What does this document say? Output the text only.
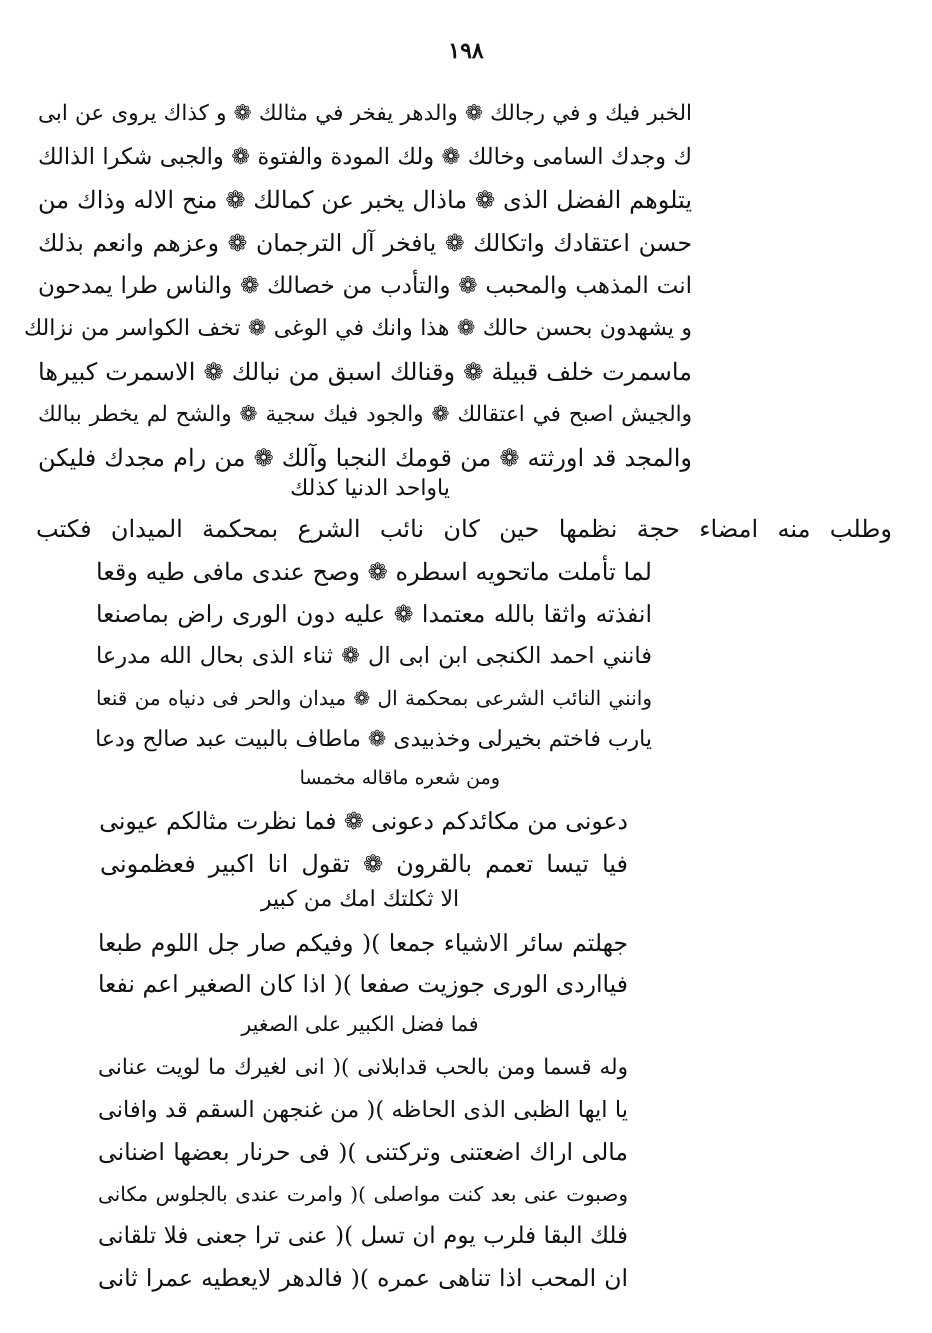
١٩٨
الخبر فيك و في رجالك ❁ والدهر يفخر في مثالك ❁ و كذاك يروى عن ابى
ك وجدك السامى وخالك ❁ ولك المودة والفتوة ❁ والجبى شكرا الذالك
يتلوهم الفضل الذى ❁ ماذال يخبر عن كمالك ❁ منح الاله وذاك من
حسن اعتقادك واتكالك ❁ يافخر آل الترجمان ❁ وعزهم وانعم بذلك
انت المذهب والمحبب ❁ والتأدب من خصالك ❁ والناس طرا يمدحون
و يشهدون بحسن حالك ❁ هذا وانك في الوغى ❁ تخف الكواسر من نزالك
ماسمرت خلف قبيلة ❁ وقنالك اسبق من نبالك ❁ الاسمرت كبيرها
والجيش اصبح في اعتقالك ❁ والجود فيك سجية ❁ والشح لم يخطر ببالك
والمجد قد اورثته ❁ من قومك النجبا وآلك ❁ من رام مجدك فليكن
ياواحد الدنيا كذلك
وطلب منه امضاء حجة نظمها حين كان نائب الشرع بمحكمة الميدان فكتب
لما تأملت ماتحويه اسطره ❁ وصح عندى مافى طيه وقعا
انفذته واثقا بالله معتمدا ❁ عليه دون الورى راض بماصنعا
فانني احمد الكنجى ابن ابى ال ❁ ثناء الذى بحال الله مدرعا
وانني النائب الشرعى بمحكمة ال ❁ ميدان والحر فى دنياه من قنعا
يارب فاختم بخيرلى وخذبيدى ❁ ماطاف بالبيت عبد صالح ودعا
ومن شعره ماقاله مخمسا
دعونى من مكائدكم دعونى ❁ فما نظرت مثالكم عيونى
فيا تيسا تعمم بالقرون ❁ تقول انا اكبير فعظمونى
الا ثكلتك امك من كبير
جهلتم سائر الاشياء جمعا )( وفيكم صار جل اللوم طبعا
فيااردى الورى جوزيت صفعا )( اذا كان الصغير اعم نفعا
فما فضل الكبير على الصغير
وله قسما ومن بالحب قدابلانى )( انى لغيرك ما لويت عنانى
يا ايها الظبى الذى الحاظه )( من غنجهن السقم قد وافانى
مالى اراك اضعتنى وتركتنى )( فى حرنار بعضها اضنانى
وصبوت عنى بعد كنت مواصلى )( وامرت عندى بالجلوس مكانى
فلك البقا فلرب يوم ان تسل )( عنى ترا جعنى فلا تلقانى
ان المحب اذا تناهى عمره )( فالدهر لايعطيه عمرا ثانى
